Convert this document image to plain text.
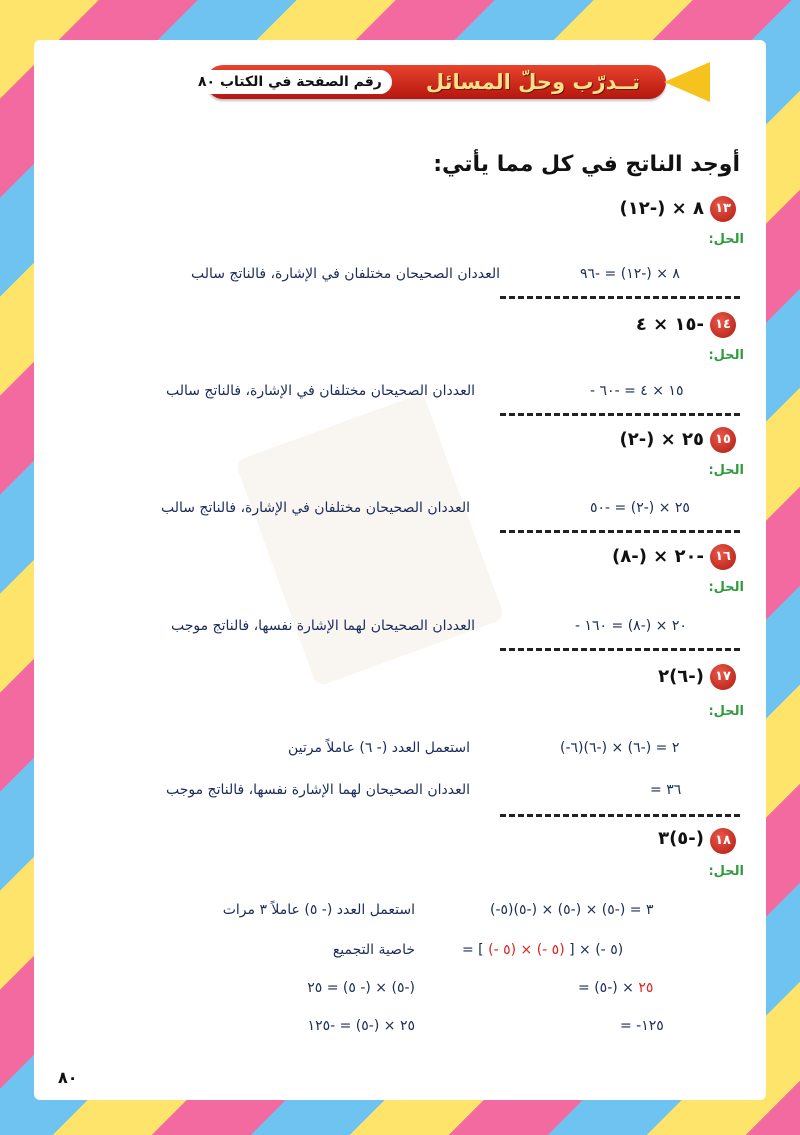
تــدرّب وحلّ المسائل
رقم الصفحة في الكتاب ٨٠
أوجد الناتج في كل مما يأتي:
١٣
٨ × (-١٢)
الحل:
٨ × (-١٢) = -٩٦
العددان الصحيحان مختلفان في الإشارة، فالناتج سالب
١٤
-١٥ × ٤
الحل:
- ١٥ × ٤ = -٦٠
العددان الصحيحان مختلفان في الإشارة، فالناتج سالب
١٥
٢٥ × (-٢)
الحل:
٢٥ × (-٢) = -٥٠
العددان الصحيحان مختلفان في الإشارة، فالناتج سالب
١٦
-٢٠ × (-٨)
الحل:
- ٢٠ × (-٨) = ١٦٠
العددان الصحيحان لهما الإشارة نفسها، فالناتج موجب
١٧
(-٦)٢
الحل:
(-٦)٢ = (-٦) × (-٦)
استعمل العدد (- ٦) عاملاً مرتين
= ٣٦
العددان الصحيحان لهما الإشارة نفسها، فالناتج موجب
١٨
(-٥)٣
الحل:
(-٥)٣ = (-٥) × (-٥) × (-٥)
استعمل العدد (- ٥) عاملاً ٣ مرات
= [ (- ٥) × (- ٥) ] × (- ٥)
خاصية التجميع
=	٢٥ × (-٥)
(-٥) × (- ٥) = ٢٥
= -١٢٥
٢٥ × (-٥) = -١٢٥
٨٠
